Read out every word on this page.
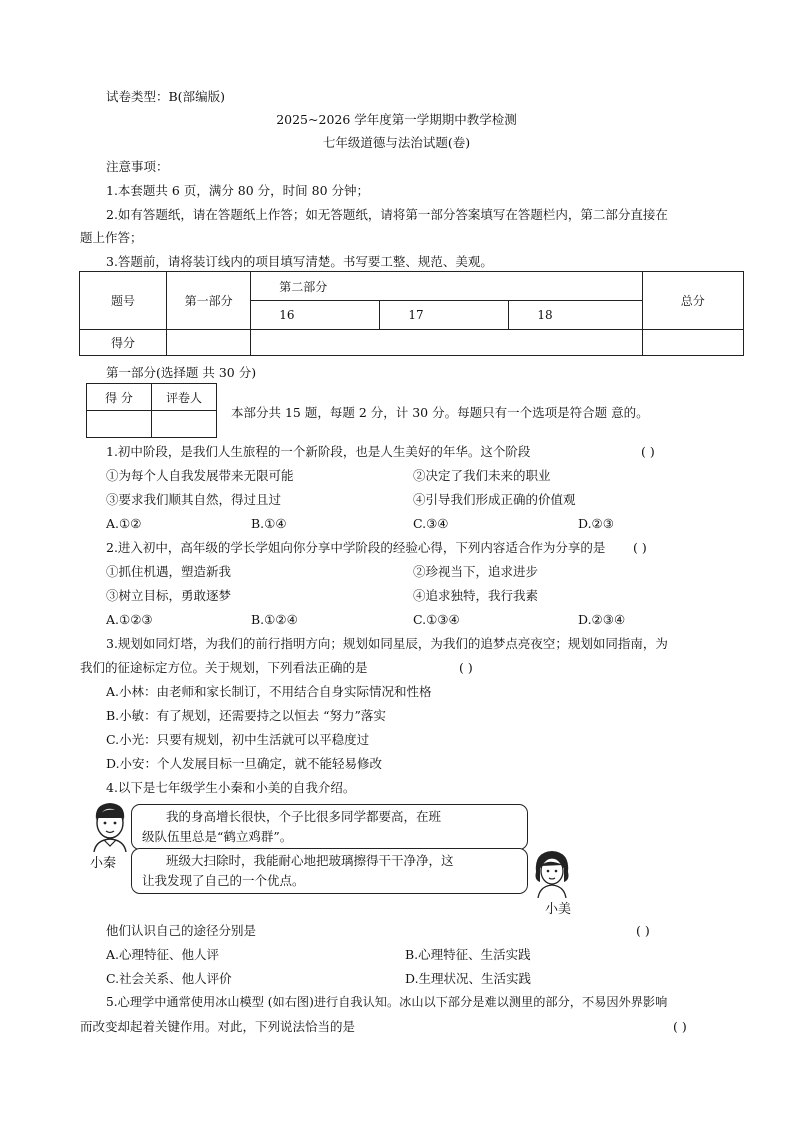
试卷类型：B(部编版)
2025~2026 学年度第一学期期中教学检测
七年级道德与法治试题(卷)
注意事项：
1.本套题共 6 页，满分 80 分，时间 80 分钟；
2.如有答题纸，请在答题纸上作答；如无答题纸，请将第一部分答案填写在答题栏内，第二部分直接在
题上作答；
3.答题前，请将装订线内的项目填写清楚。书写要工整、规范、美观。
题号	第一部分	第二部分			总分
		16	17	18	
得分					
第一部分(选择题 共 30 分)
得 分	评卷人

本部分共 15 题，每题 2 分，计 30 分。每题只有一个选项是符合题 意的。
1.初中阶段，是我们人生旅程的一个新阶段，也是人生美好的年华。这个阶段	( )
①为每个人自我发展带来无限可能	②决定了我们未来的职业
③要求我们顺其自然，得过且过	④引导我们形成正确的价值观
A.①②	B.①④	C.③④	D.②③
2.进入初中，高年级的学长学姐向你分享中学阶段的经验心得，下列内容适合作为分享的是 ( )
①抓住机遇，塑造新我	②珍视当下，追求进步
③树立目标，勇敢逐梦	④追求独特，我行我素
A.①②③	B.①②④	C.①③④	D.②③④
3.规划如同灯塔，为我们的前行指明方向；规划如同星辰，为我们的追梦点亮夜空；规划如同指南，为
我们的征途标定方位。关于规划，下列看法正确的是	( )
A.小林：由老师和家长制订，不用结合自身实际情况和性格
B.小敏：有了规划，还需要持之以恒去 “努力”落实
C.小光：只要有规划，初中生活就可以平稳度过
D.小安：个人发展目标一旦确定，就不能轻易修改
4.以下是七年级学生小秦和小美的自我介绍。
小秦
我的身高增长很快，个子比很多同学都要高，在班
级队伍里总是“鹤立鸡群”。
班级大扫除时，我能耐心地把玻璃擦得干干净净，这
让我发现了自己的一个优点。
小美
他们认识自己的途径分别是	( )
A.心理特征、他人评	B.心理特征、生活实践
C.社会关系、他人评价	D.生理状况、生活实践
5.心理学中通常使用冰山模型 (如右图)进行自我认知。冰山以下部分是难以测里的部分，不易因外界影响
而改变却起着关键作用。对此，下列说法恰当的是	( )
